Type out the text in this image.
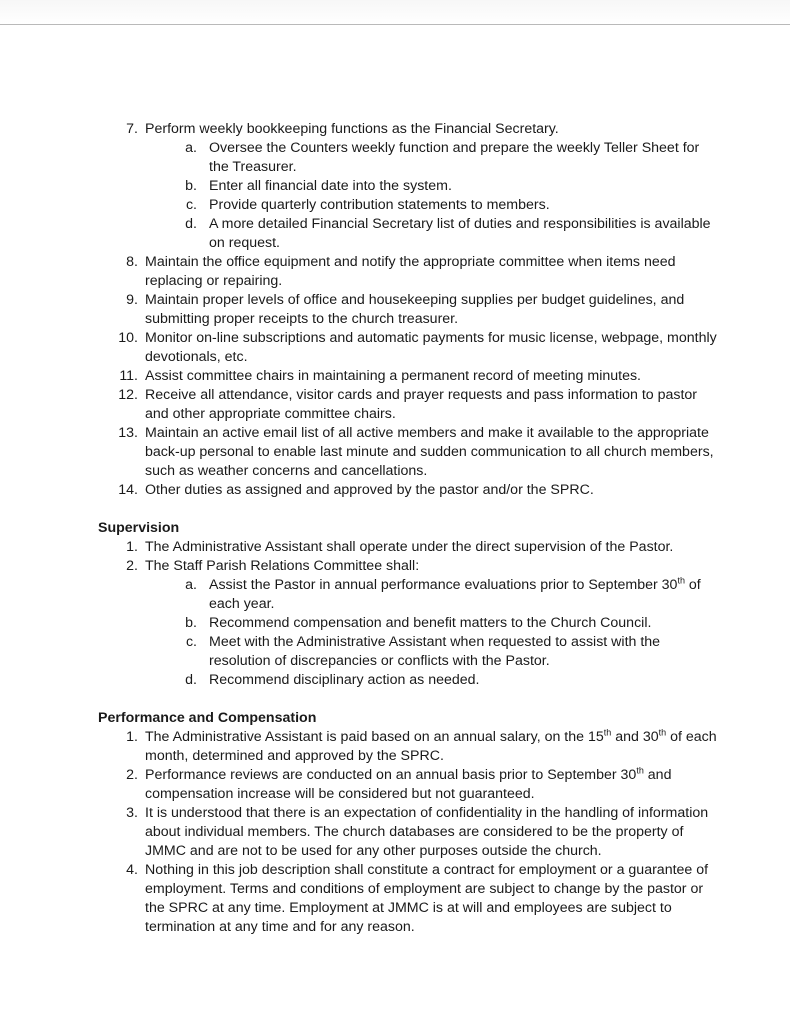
7. Perform weekly bookkeeping functions as the Financial Secretary.
a. Oversee the Counters weekly function and prepare the weekly Teller Sheet for the Treasurer.
b. Enter all financial date into the system.
c. Provide quarterly contribution statements to members.
d. A more detailed Financial Secretary list of duties and responsibilities is available on request.
8. Maintain the office equipment and notify the appropriate committee when items need replacing or repairing.
9. Maintain proper levels of office and housekeeping supplies per budget guidelines, and submitting proper receipts to the church treasurer.
10. Monitor on-line subscriptions and automatic payments for music license, webpage, monthly devotionals, etc.
11. Assist committee chairs in maintaining a permanent record of meeting minutes.
12. Receive all attendance, visitor cards and prayer requests and pass information to pastor and other appropriate committee chairs.
13. Maintain an active email list of all active members and make it available to the appropriate back-up personal to enable last minute and sudden communication to all church members, such as weather concerns and cancellations.
14. Other duties as assigned and approved by the pastor and/or the SPRC.
Supervision
1. The Administrative Assistant shall operate under the direct supervision of the Pastor.
2. The Staff Parish Relations Committee shall:
a. Assist the Pastor in annual performance evaluations prior to September 30th of each year.
b. Recommend compensation and benefit matters to the Church Council.
c. Meet with the Administrative Assistant when requested to assist with the resolution of discrepancies or conflicts with the Pastor.
d. Recommend disciplinary action as needed.
Performance and Compensation
1. The Administrative Assistant is paid based on an annual salary, on the 15th and 30th of each month, determined and approved by the SPRC.
2. Performance reviews are conducted on an annual basis prior to September 30th and compensation increase will be considered but not guaranteed.
3. It is understood that there is an expectation of confidentiality in the handling of information about individual members. The church databases are considered to be the property of JMMC and are not to be used for any other purposes outside the church.
4. Nothing in this job description shall constitute a contract for employment or a guarantee of employment. Terms and conditions of employment are subject to change by the pastor or the SPRC at any time. Employment at JMMC is at will and employees are subject to termination at any time and for any reason.
